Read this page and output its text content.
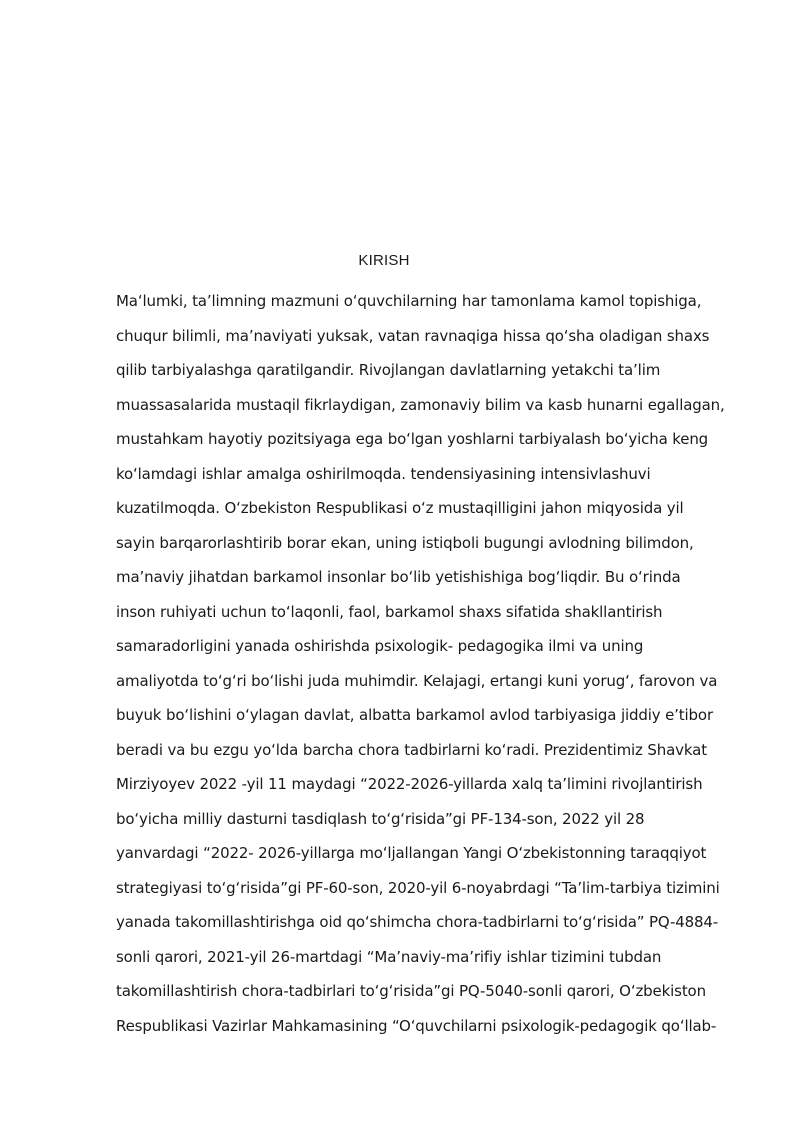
KIRISH
Maʻlumki, taʼlimning mazmuni oʻquvchilarning har tamonlama kamol topishiga,
chuqur bilimli, maʼnaviyati yuksak, vatan ravnaqiga hissa qoʻsha oladigan shaxs
qilib tarbiyalashga qaratilgandir. Rivojlangan davlatlarning yetakchi taʼlim
muassasalarida mustaqil fikrlaydigan, zamonaviy bilim va kasb hunarni egallagan,
mustahkam hayotiy pozitsiyaga ega boʻlgan yoshlarni tarbiyalash boʻyicha keng
koʻlamdagi ishlar amalga oshirilmoqda. tendensiyasining intensivlashuvi
kuzatilmoqda. Oʻzbekiston Respublikasi oʻz mustaqilligini jahon miqyosida yil
sayin barqarorlashtirib borar ekan, uning istiqboli bugungi avlodning bilimdon,
maʼnaviy jihatdan barkamol insonlar boʻlib yetishishiga bogʻliqdir. Bu oʻrinda
inson ruhiyati uchun toʻlaqonli, faol, barkamol shaxs sifatida shakllantirish
samaradorligini yanada oshirishda psixologik- pedagogika ilmi va uning
amaliyotda toʻgʻri boʻlishi juda muhimdir. Kelajagi, ertangi kuni yorugʻ, farovon va
buyuk boʻlishini oʻylagan davlat, albatta barkamol avlod tarbiyasiga jiddiy eʼtibor
beradi va bu ezgu yoʻlda barcha chora tadbirlarni koʻradi. Prezidentimiz Shavkat
Mirziyoyev 2022 -yil 11 maydagi “2022-2026-yillarda xalq taʼlimini rivojlantirish
boʻyicha milliy dasturni tasdiqlash toʻgʻrisida”gi PF-134-son, 2022 yil 28
yanvardagi “2022- 2026-yillarga moʻljallangan Yangi Oʻzbekistonning taraqqiyot
strategiyasi toʻgʻrisida”gi PF-60-son, 2020-yil 6-noyabrdagi “Taʼlim-tarbiya tizimini
yanada takomillashtirishga oid qoʻshimcha chora-tadbirlarni toʻgʻrisida” PQ-4884-
sonli qarori, 2021-yil 26-martdagi “Maʼnaviy-maʼrifiy ishlar tizimini tubdan
takomillashtirish chora-tadbirlari toʻgʻrisida”gi PQ-5040-sonli qarori, Oʻzbekiston
Respublikasi Vazirlar Mahkamasining “Oʻquvchilarni psixologik-pedagogik qoʻllab-
